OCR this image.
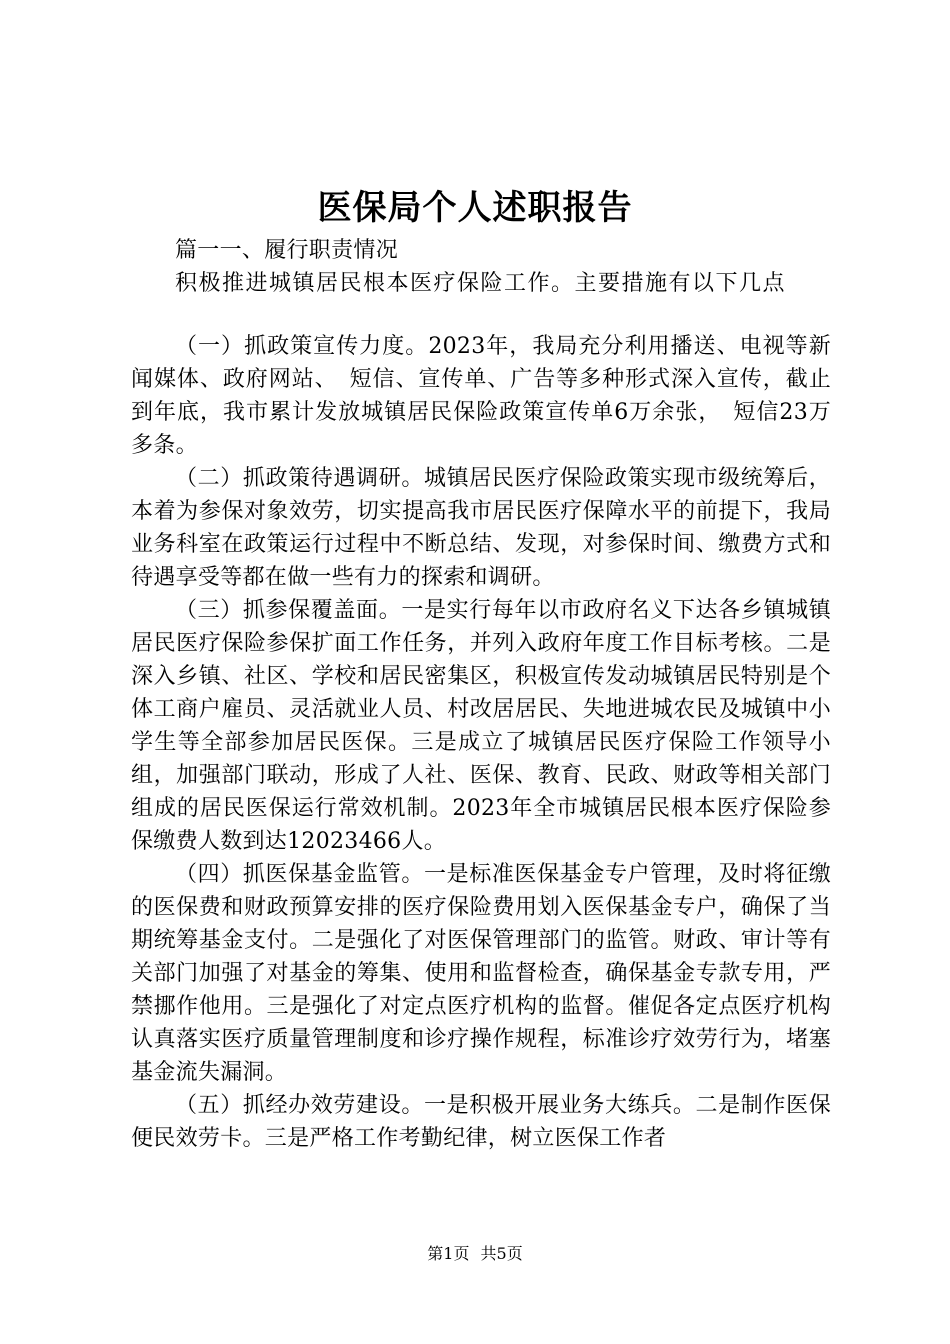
医保局个人述职报告

篇一一、履行职责情况

积极推进城镇居民根本医疗保险工作。主要措施有以下几点

（一）抓政策宣传力度。2023年，我局充分利用播送、电视等新闻媒体、政府网站、　短信、宣传单、广告等多种形式深入宣传，截止到年底，我市累计发放城镇居民保险政策宣传单6万余张，　短信23万多条。

（二）抓政策待遇调研。城镇居民医疗保险政策实现市级统筹后，本着为参保对象效劳，切实提高我市居民医疗保障水平的前提下，我局业务科室在政策运行过程中不断总结、发现，对参保时间、缴费方式和待遇享受等都在做一些有力的探索和调研。

（三）抓参保覆盖面。一是实行每年以市政府名义下达各乡镇城镇居民医疗保险参保扩面工作任务，并列入政府年度工作目标考核。二是深入乡镇、社区、学校和居民密集区，积极宣传发动城镇居民特别是个体工商户雇员、灵活就业人员、村改居居民、失地进城农民及城镇中小学生等全部参加居民医保。三是成立了城镇居民医疗保险工作领导小组，加强部门联动，形成了人社、医保、教育、民政、财政等相关部门组成的居民医保运行常效机制。2023年全市城镇居民根本医疗保险参保缴费人数到达12023466人。

（四）抓医保基金监管。一是标准医保基金专户管理，及时将征缴的医保费和财政预算安排的医疗保险费用划入医保基金专户，确保了当期统筹基金支付。二是强化了对医保管理部门的监管。财政、审计等有关部门加强了对基金的筹集、使用和监督检查，确保基金专款专用，严禁挪作他用。三是强化了对定点医疗机构的监督。催促各定点医疗机构认真落实医疗质量管理制度和诊疗操作规程，标准诊疗效劳行为，堵塞基金流失漏洞。

（五）抓经办效劳建设。一是积极开展业务大练兵。二是制作医保便民效劳卡。三是严格工作考勤纪律，树立医保工作者

第1页 共5页
